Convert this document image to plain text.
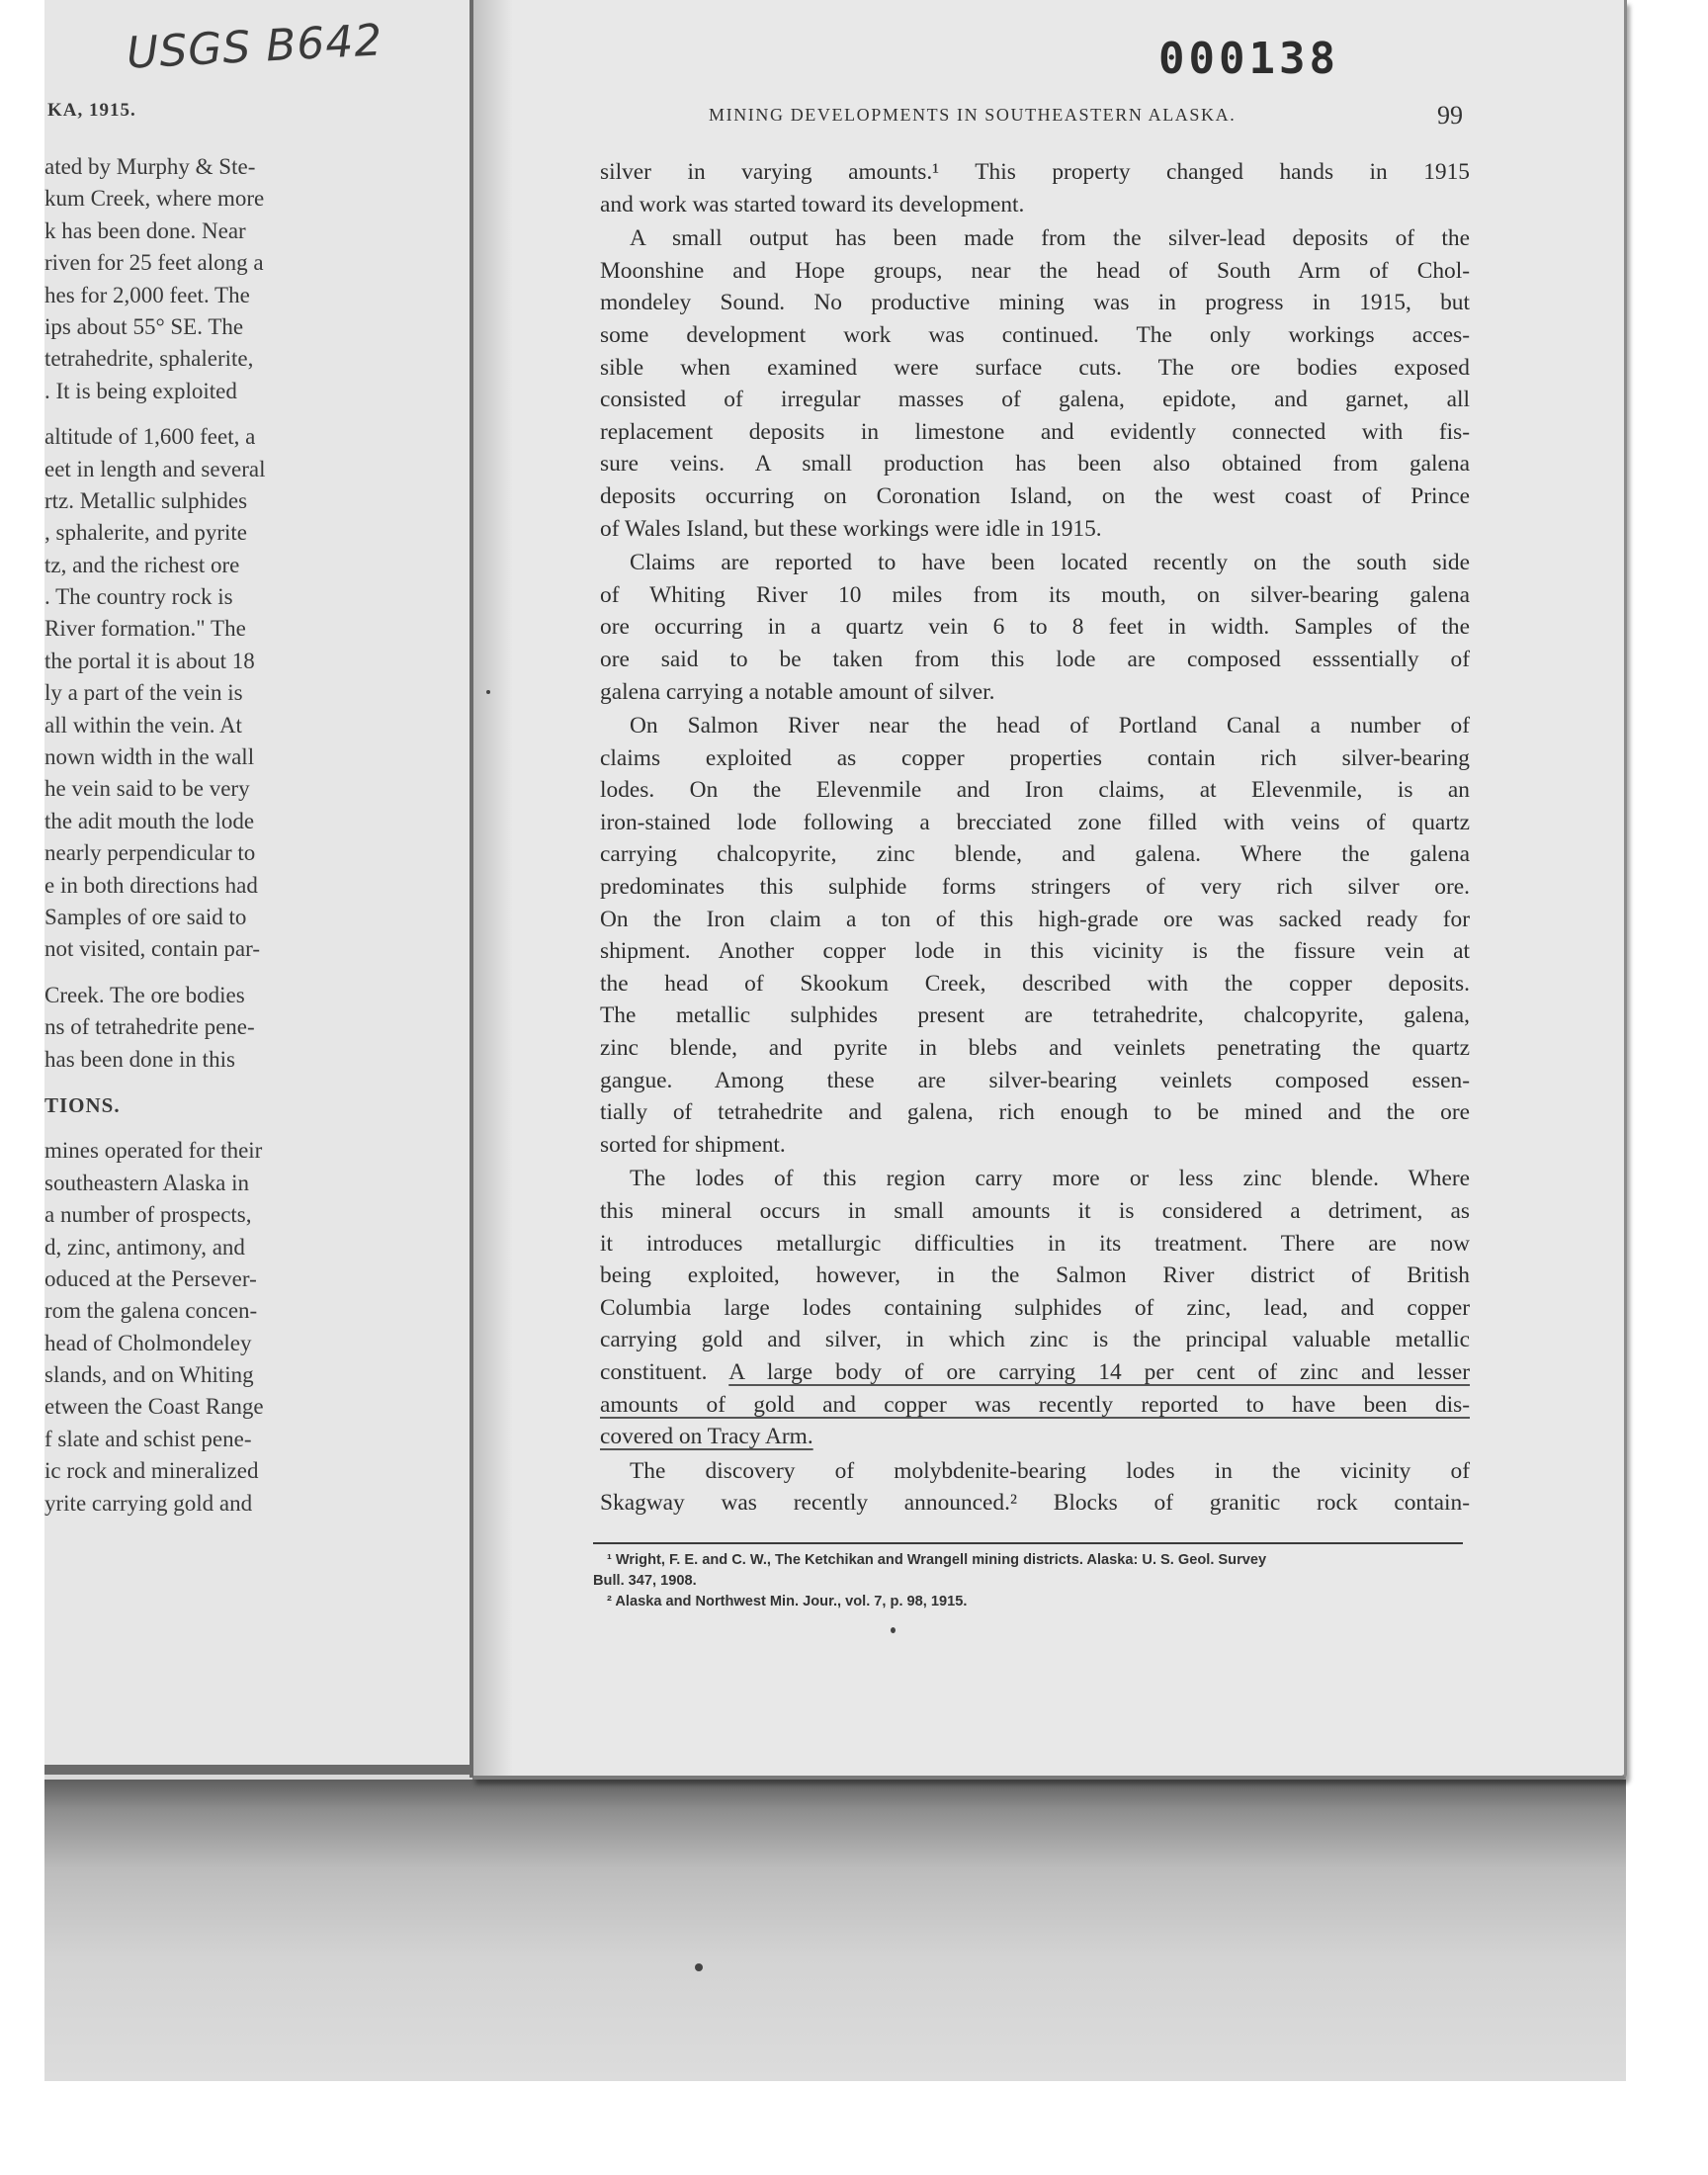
ated by Murphy & Ste-
kum Creek, where more
k has been done. Near
riven for 25 feet along a
hes for 2,000 feet. The
ips about 55° SE. The
tetrahedrite, sphalerite,
. It is being exploited
altitude of 1,600 feet, a
eet in length and several
rtz. Metallic sulphides
, sphalerite, and pyrite
tz, and the richest ore
. The country rock is
River formation." The
the portal it is about 18
ly a part of the vein is
all within the vein. At
nown width in the wall
he vein said to be very
the adit mouth the lode
nearly perpendicular to
e in both directions had
Samples of ore said to
not visited, contain par-
Creek. The ore bodies
ns of tetrahedrite pene-
has been done in this
TIONS.
mines operated for their
southeastern Alaska in
a number of prospects,
d, zinc, antimony, and
oduced at the Persever-
rom the galena concen-
head of Cholmondeley
slands, and on Whiting
etween the Coast Range
f slate and schist pene-
ic rock and mineralized
yrite carrying gold and
USGS B642	000138
KA, 1915.	MINING DEVELOPMENTS IN SOUTHEASTERN ALASKA.	99
silver in varying amounts.¹ This property changed hands in 1915
and work was started toward its development.
A small output has been made from the silver-lead deposits of the
Moonshine and Hope groups, near the head of South Arm of Chol-
mondeley Sound. No productive mining was in progress in 1915, but
some development work was continued. The only workings acces-
sible when examined were surface cuts. The ore bodies exposed
consisted of irregular masses of galena, epidote, and garnet, all
replacement deposits in limestone and evidently connected with fis-
sure veins. A small production has been also obtained from galena
deposits occurring on Coronation Island, on the west coast of Prince
of Wales Island, but these workings were idle in 1915.
Claims are reported to have been located recently on the south side
of Whiting River 10 miles from its mouth, on silver-bearing galena
ore occurring in a quartz vein 6 to 8 feet in width. Samples of the
ore said to be taken from this lode are composed esssentially of
galena carrying a notable amount of silver.
On Salmon River near the head of Portland Canal a number of
claims exploited as copper properties contain rich silver-bearing
lodes. On the Elevenmile and Iron claims, at Elevenmile, is an
iron-stained lode following a brecciated zone filled with veins of quartz
carrying chalcopyrite, zinc blende, and galena. Where the galena
predominates this sulphide forms stringers of very rich silver ore.
On the Iron claim a ton of this high-grade ore was sacked ready for
shipment. Another copper lode in this vicinity is the fissure vein at
the head of Skookum Creek, described with the copper deposits.
The metallic sulphides present are tetrahedrite, chalcopyrite, galena,
zinc blende, and pyrite in blebs and veinlets penetrating the quartz
gangue. Among these are silver-bearing veinlets composed essen-
tially of tetrahedrite and galena, rich enough to be mined and the ore
sorted for shipment.
The lodes of this region carry more or less zinc blende. Where
this mineral occurs in small amounts it is considered a detriment, as
it introduces metallurgic difficulties in its treatment. There are now
being exploited, however, in the Salmon River district of British
Columbia large lodes containing sulphides of zinc, lead, and copper
carrying gold and silver, in which zinc is the principal valuable metallic
constituent. A large body of ore carrying 14 per cent of zinc and lesser
amounts of gold and copper was recently reported to have been dis-
covered on Tracy Arm.
The discovery of molybdenite-bearing lodes in the vicinity of
Skagway was recently announced.² Blocks of granitic rock contain-
¹ Wright, F. E. and C. W., The Ketchikan and Wrangell mining districts. Alaska: U. S. Geol. Survey
Bull. 347, 1908.
² Alaska and Northwest Min. Jour., vol. 7, p. 98, 1915.
